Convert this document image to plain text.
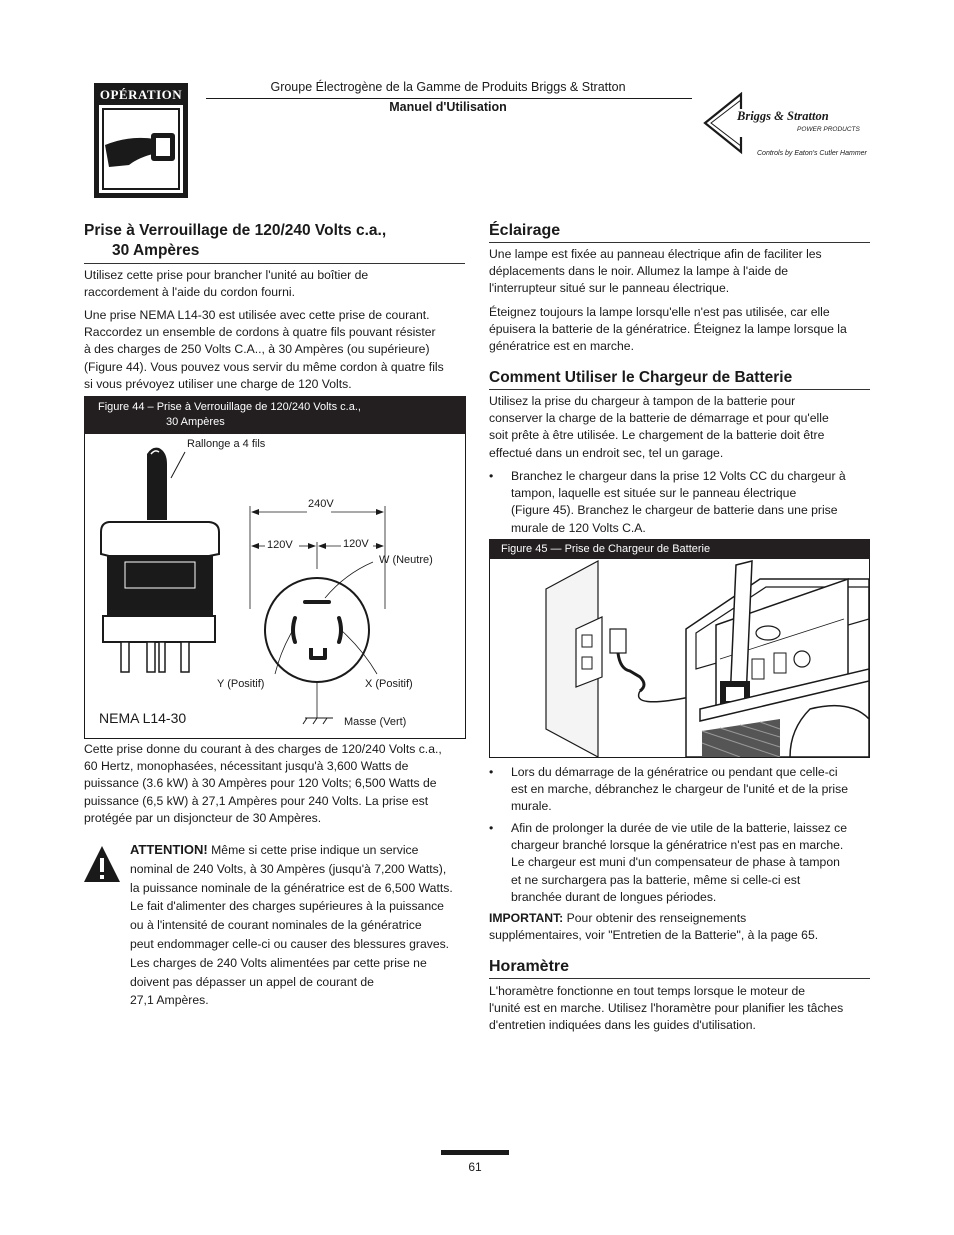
OPÉRATION	Groupe Électrogène de la Gamme de Produits Briggs & Stratton
Manuel d'Utilisation
Briggs & Stratton
POWER PRODUCTS
Controls by Eaton's Cutler Hammer
Prise à Verrouillage de 120/240 Volts c.a.,
30 Ampères
Utilisez cette prise pour brancher l'unité au boîtier de
raccordement à l'aide du cordon fourni.
Une prise NEMA L14-30 est utilisée avec cette prise de courant.
Raccordez un ensemble de cordons à quatre fils pouvant résister
à des charges de 250 Volts C.A.., à 30 Ampères (ou supérieure)
(Figure 44). Vous pouvez vous servir du même cordon à quatre fils
si vous prévoyez utiliser une charge de 120 Volts.
Figure 44 – Prise à Verrouillage de 120/240 Volts c.a.,
30 Ampères
Rallonge a 4 fils
240V
120V	120V
W (Neutre)
Y (Positif)	X (Positif)
NEMA L14-30	Masse (Vert)
Cette prise donne du courant à des charges de 120/240 Volts c.a.,
60 Hertz, monophasées, nécessitant jusqu'à 3,600 Watts de
puissance (3.6 kW) à 30 Ampères pour 120 Volts; 6,500 Watts de
puissance (6,5 kW) à 27,1 Ampères pour 240 Volts. La prise est
protégée par un disjoncteur de 30 Ampères.
ATTENTION! Même si cette prise indique un service
nominal de 240 Volts, à 30 Ampères (jusqu'à 7,200 Watts),
la puissance nominale de la génératrice est de 6,500 Watts.
Le fait d'alimenter des charges supérieures à la puissance
ou à l'intensité de courant nominales de la génératrice
peut endommager celle-ci ou causer des blessures graves.
Les charges de 240 Volts alimentées par cette prise ne
doivent pas dépasser un appel de courant de
27,1 Ampères.
Éclairage
Une lampe est fixée au panneau électrique afin de faciliter les
déplacements dans le noir. Allumez la lampe à l'aide de
l'interrupteur situé sur le panneau électrique.
Éteignez toujours la lampe lorsqu'elle n'est pas utilisée, car elle
épuisera la batterie de la génératrice. Éteignez la lampe lorsque la
génératrice est en marche.
Comment Utiliser le Chargeur de Batterie
Utilisez la prise du chargeur à tampon de la batterie pour
conserver la charge de la batterie de démarrage et pour qu'elle
soit prête à être utilisée. Le chargement de la batterie doit être
effectué dans un endroit sec, tel un garage.
• Branchez le chargeur dans la prise 12 Volts CC du chargeur à
tampon, laquelle est située sur le panneau électrique
(Figure 45). Branchez le chargeur de batterie dans une prise
murale de 120 Volts C.A.
Figure 45 — Prise de Chargeur de Batterie
• Lors du démarrage de la génératrice ou pendant que celle-ci
est en marche, débranchez le chargeur de l'unité et de la prise
murale.
• Afin de prolonger la durée de vie utile de la batterie, laissez ce
chargeur branché lorsque la génératrice n'est pas en marche.
Le chargeur est muni d'un compensateur de phase à tampon
et ne surchargera pas la batterie, même si celle-ci est
branchée durant de longues périodes.
IMPORTANT: Pour obtenir des renseignements
supplémentaires, voir "Entretien de la Batterie", à la page 65.
Horamètre
L'horamètre fonctionne en tout temps lorsque le moteur de
l'unité est en marche. Utilisez l'horamètre pour planifier les tâches
d'entretien indiquées dans les guides d'utilisation.
61
